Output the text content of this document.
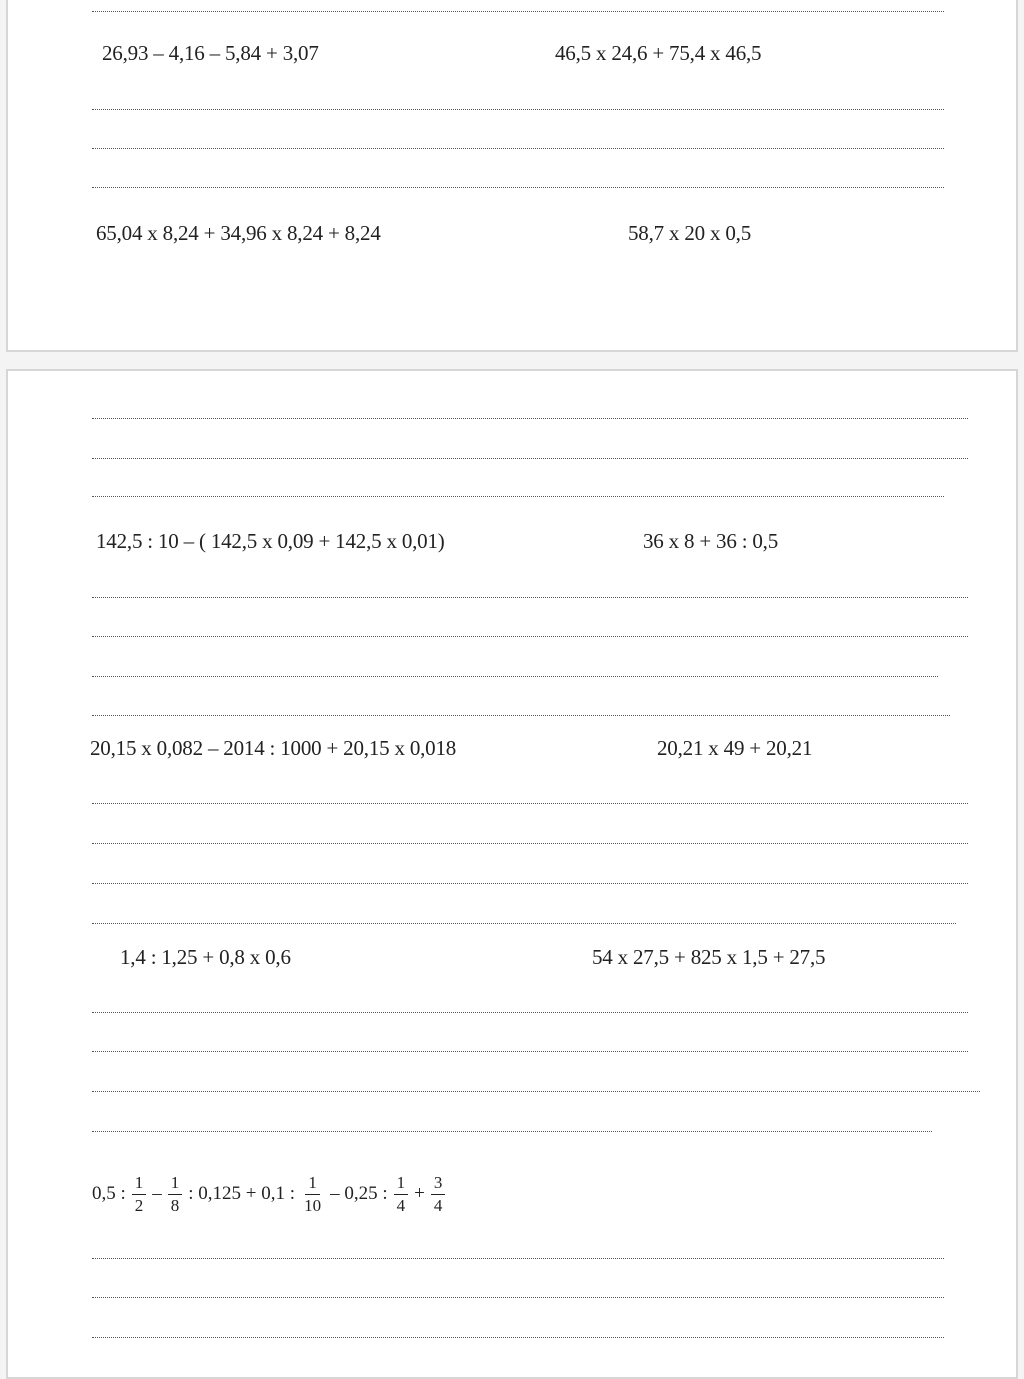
26,93 – 4,16 – 5,84 + 3,07	46,5 x 24,6 + 75,4 x 46,5
65,04 x 8,24 + 34,96 x 8,24 + 8,24	58,7 x 20 x 0,5
142,5 : 10 – ( 142,5 x 0,09 + 142,5 x 0,01)	36 x 8 + 36 : 0,5
20,15 x 0,082 – 2014 : 1000 + 20,15 x 0,018	20,21 x 49 + 20,21
1,4 : 1,25 + 0,8 x 0,6	54 x 27,5 + 825 x 1,5 + 27,5
0,5 : $\frac{1}{2} - \frac{1}{8}$ : 0,125 + 0,1 : $\frac{1}{10} - 0,25$ : $\frac{1}{4} + \frac{3}{4}$
